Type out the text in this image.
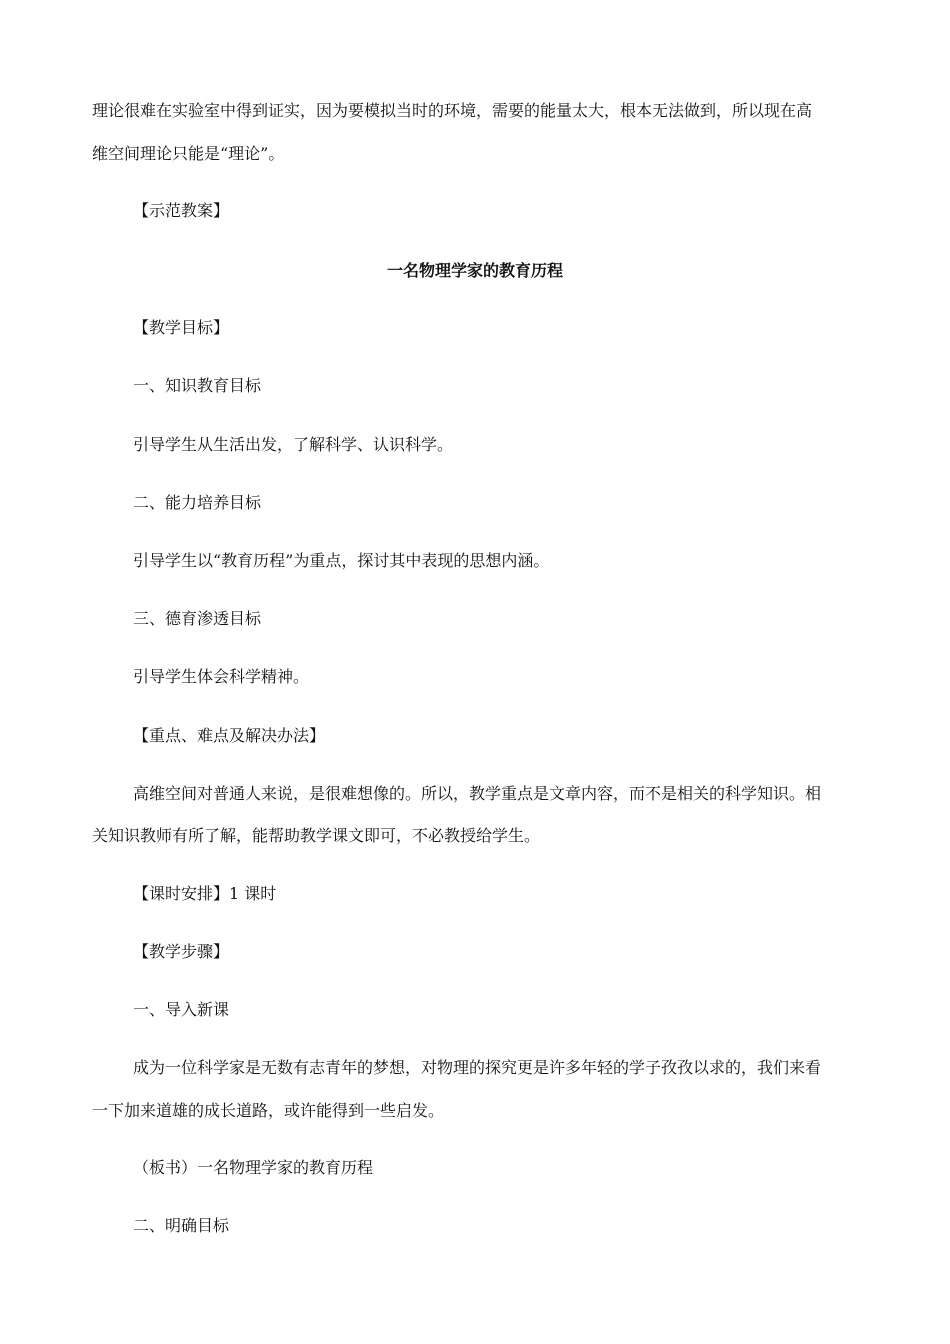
理论很难在实验室中得到证实，因为要模拟当时的环境，需要的能量太大，根本无法做到，所以现在高
维空间理论只能是“理论”。
【示范教案】
一名物理学家的教育历程
【教学目标】
一、知识教育目标
引导学生从生活出发，了解科学、认识科学。
二、能力培养目标
引导学生以“教育历程”为重点，探讨其中表现的思想内涵。
三、德育渗透目标
引导学生体会科学精神。
【重点、难点及解决办法】
高维空间对普通人来说，是很难想像的。所以，教学重点是文章内容，而不是相关的科学知识。相
关知识教师有所了解，能帮助教学课文即可，不必教授给学生。
【课时安排】1 课时
【教学步骤】
一、导入新课
成为一位科学家是无数有志青年的梦想，对物理的探究更是许多年轻的学子孜孜以求的，我们来看
一下加来道雄的成长道路，或许能得到一些启发。
（板书）一名物理学家的教育历程
二、明确目标
